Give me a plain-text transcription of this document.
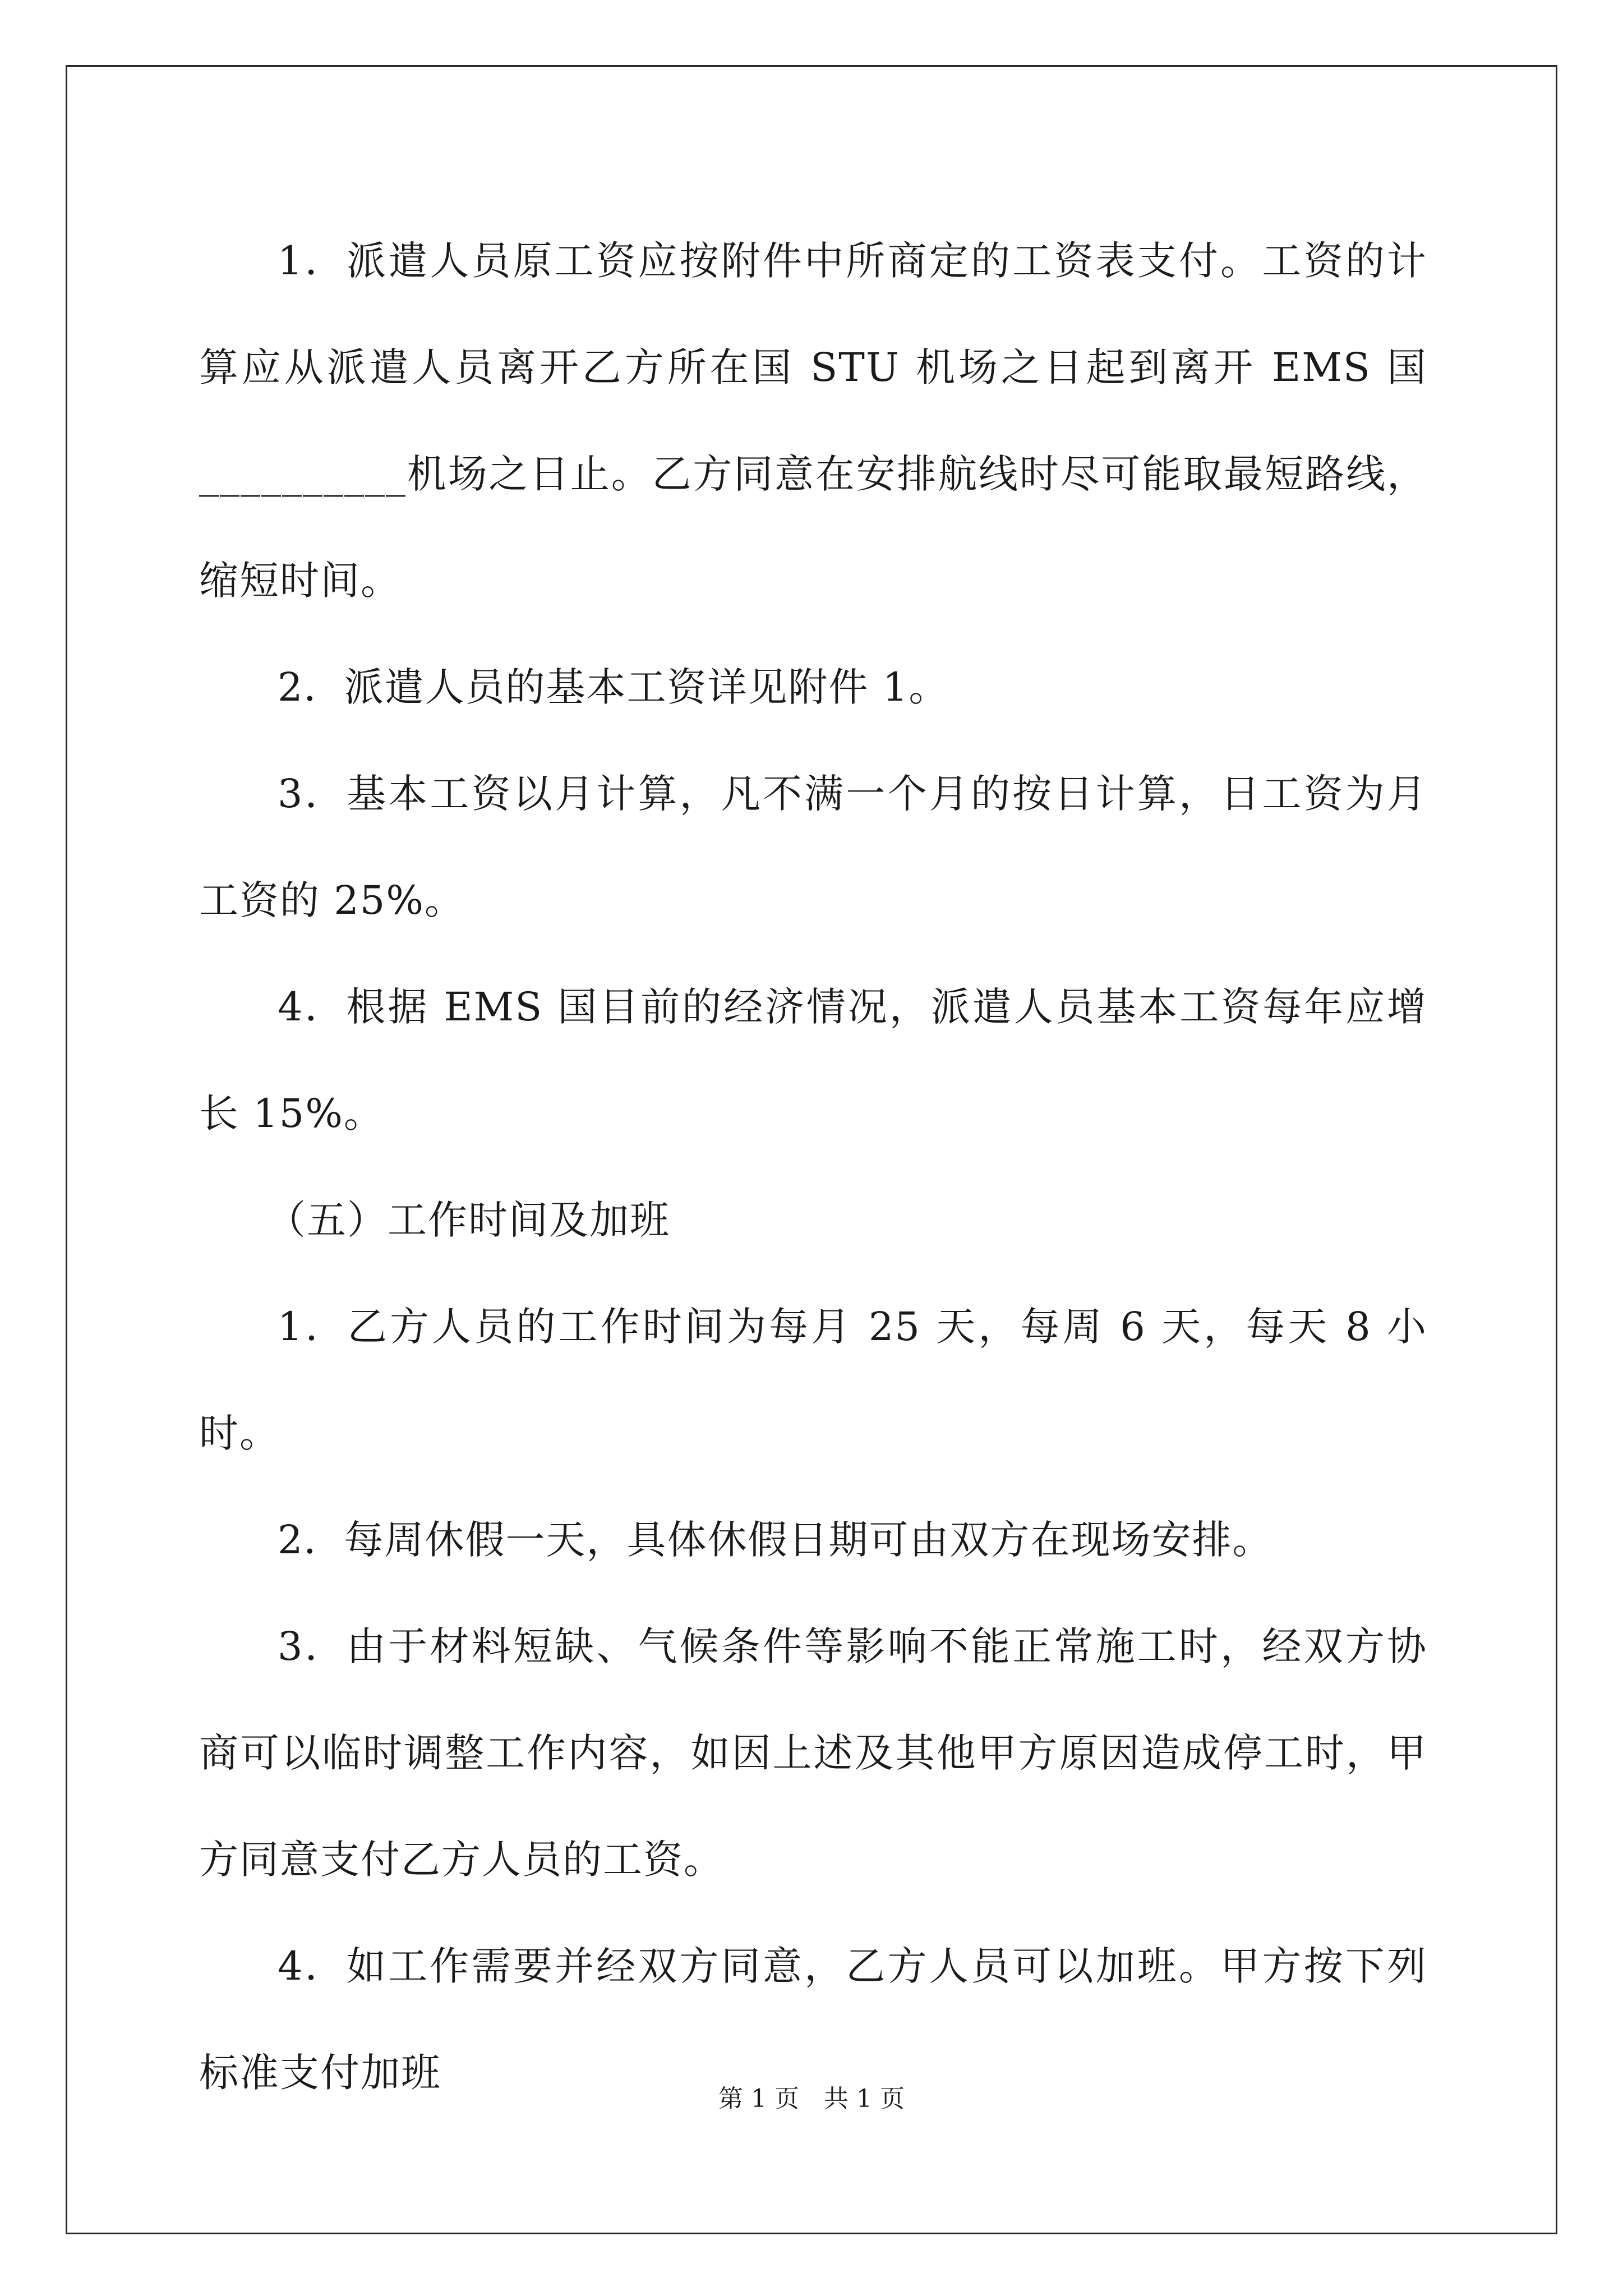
1．派遣人员原工资应按附件中所商定的工资表支付。工资的计算应从派遣人员离开乙方所在国 STU 机场之日起到离开 EMS 国__________机场之日止。乙方同意在安排航线时尽可能取最短路线，缩短时间。

2．派遣人员的基本工资详见附件 1。

3．基本工资以月计算，凡不满一个月的按日计算，日工资为月工资的 25%。

4．根据 EMS 国目前的经济情况，派遣人员基本工资每年应增长 15%。

（五）工作时间及加班

1．乙方人员的工作时间为每月 25 天，每周 6 天，每天 8 小时。

2．每周休假一天，具体休假日期可由双方在现场安排。

3．由于材料短缺、气候条件等影响不能正常施工时，经双方协商可以临时调整工作内容，如因上述及其他甲方原因造成停工时，甲方同意支付乙方人员的工资。

4．如工作需要并经双方同意，乙方人员可以加班。甲方按下列标准支付加班

第 1 页　共 1 页
